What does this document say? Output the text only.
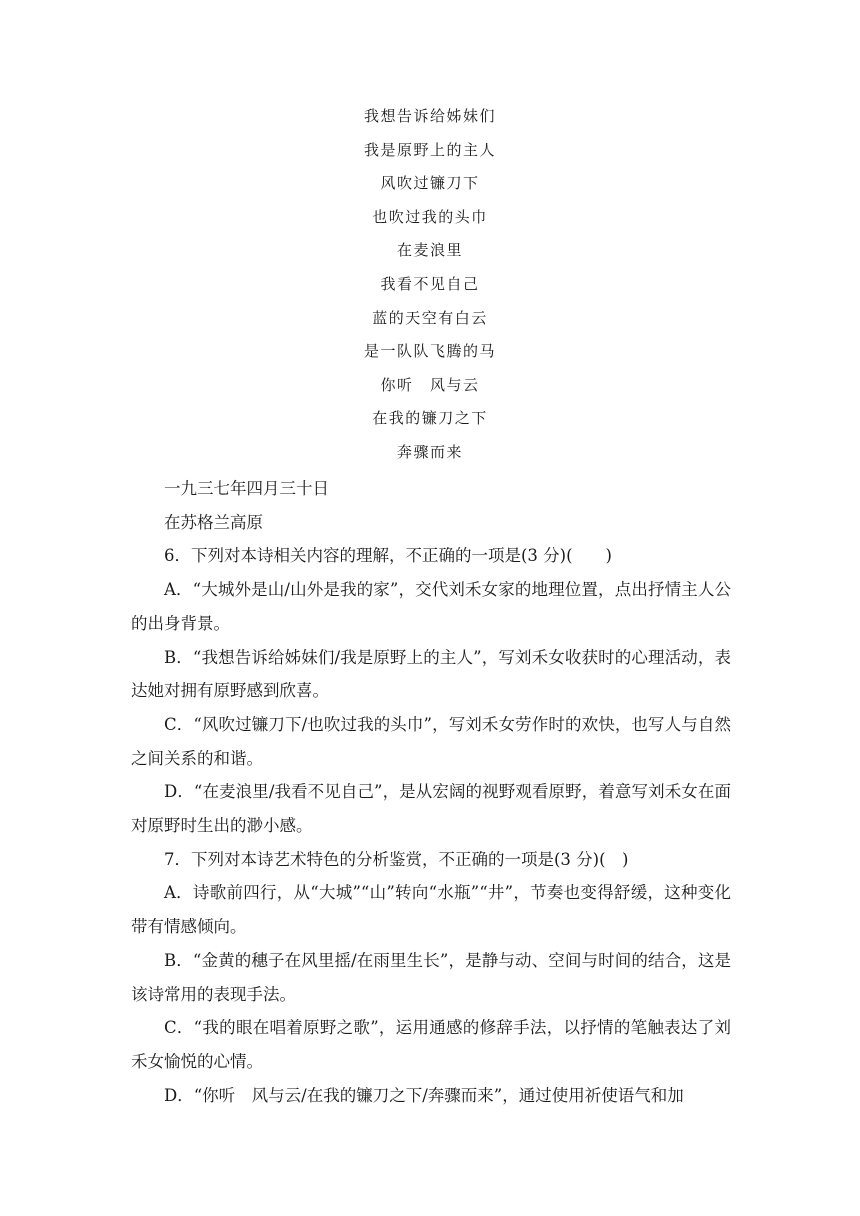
我想告诉给姊妹们
我是原野上的主人
风吹过镰刀下
也吹过我的头巾
在麦浪里
我看不见自己
蓝的天空有白云
是一队队飞腾的马
你听　风与云
在我的镰刀之下
奔骤而来

一九三七年四月三十日

在苏格兰高原

6．下列对本诗相关内容的理解，不正确的一项是(3 分)(　　)

A．“大城外是山/山外是我的家”，交代刘禾女家的地理位置，点出抒情主人公的出身背景。

B．“我想告诉给姊妹们/我是原野上的主人”，写刘禾女收获时的心理活动，表达她对拥有原野感到欣喜。

C．“风吹过镰刀下/也吹过我的头巾”，写刘禾女劳作时的欢快，也写人与自然之间关系的和谐。

D．“在麦浪里/我看不见自己”，是从宏阔的视野观看原野，着意写刘禾女在面对原野时生出的渺小感。

7．下列对本诗艺术特色的分析鉴赏，不正确的一项是(3 分)(　)

A．诗歌前四行，从“大城”“山”转向“水瓶”“井”，节奏也变得舒缓，这种变化带有情感倾向。

B．“金黄的穗子在风里摇/在雨里生长”，是静与动、空间与时间的结合，这是该诗常用的表现手法。

C．“我的眼在唱着原野之歌”，运用通感的修辞手法，以抒情的笔触表达了刘禾女愉悦的心情。

D．“你听　风与云/在我的镰刀之下/奔骤而来”，通过使用祈使语气和加
